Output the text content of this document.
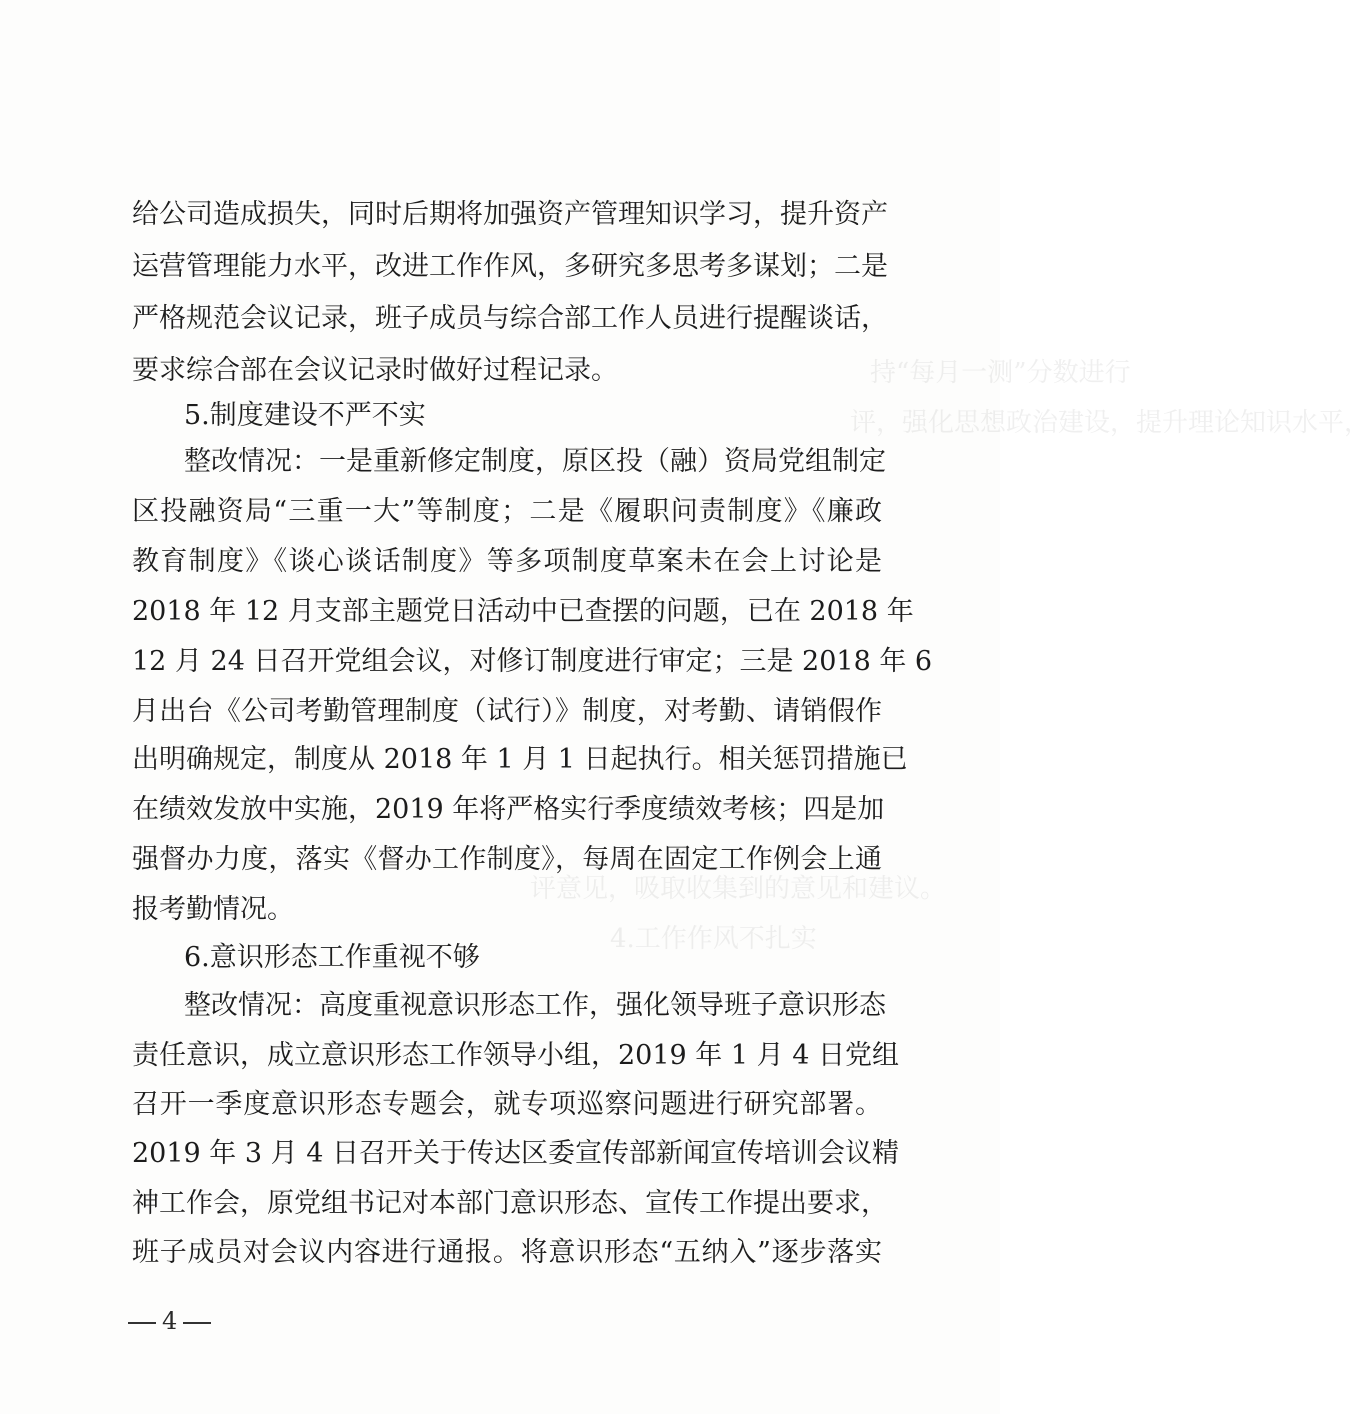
持“每月一测”分数进行
评，强化思想政治建设，提升理论知识水平，
评意见，吸取收集到的意见和建议。
4.工作作风不扎实
给公司造成损失，同时后期将加强资产管理知识学习，提升资产
运营管理能力水平，改进工作作风，多研究多思考多谋划；二是
严格规范会议记录，班子成员与综合部工作人员进行提醒谈话，
要求综合部在会议记录时做好过程记录。
5.制度建设不严不实
整改情况：一是重新修定制度，原区投（融）资局党组制定
区投融资局“三重一大”等制度；二是《履职问责制度》《廉政
教育制度》《谈心谈话制度》等多项制度草案未在会上讨论是
2018 年 12 月支部主题党日活动中已查摆的问题，已在 2018 年
12 月 24 日召开党组会议，对修订制度进行审定；三是 2018 年 6
月出台《公司考勤管理制度（试行）》制度，对考勤、请销假作
出明确规定，制度从 2018 年 1 月 1 日起执行。相关惩罚措施已
在绩效发放中实施，2019 年将严格实行季度绩效考核；四是加
强督办力度，落实《督办工作制度》，每周在固定工作例会上通
报考勤情况。
6.意识形态工作重视不够
整改情况：高度重视意识形态工作，强化领导班子意识形态
责任意识，成立意识形态工作领导小组，2019 年 1 月 4 日党组
召开一季度意识形态专题会，就专项巡察问题进行研究部署。
2019 年 3 月 4 日召开关于传达区委宣传部新闻宣传培训会议精
神工作会，原党组书记对本部门意识形态、宣传工作提出要求，
班子成员对会议内容进行通报。将意识形态“五纳入”逐步落实
4
